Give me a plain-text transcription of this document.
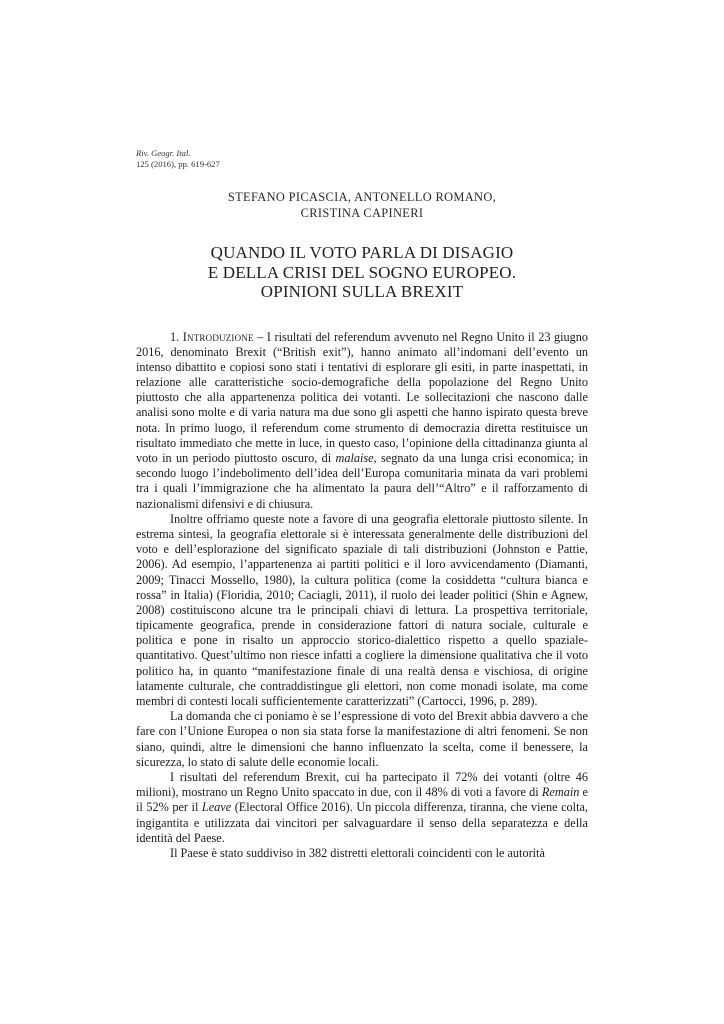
Riv. Geogr. Ital.
125 (2016), pp. 619-627
STEFANO PICASCIA, ANTONELLO ROMANO,
CRISTINA CAPINERI
QUANDO IL VOTO PARLA DI DISAGIO
E DELLA CRISI DEL SOGNO EUROPEO.
OPINIONI SULLA BREXIT

1. Introduzione – I risultati del referendum avvenuto nel Regno Unito il 23 giugno 2016, denominato Brexit (“British exit”), hanno animato all’indomani dell’evento un intenso dibattito e copiosi sono stati i tentativi di esplorare gli esiti, in parte inaspettati, in relazione alle caratteristiche socio-demografiche della popolazione del Regno Unito piuttosto che alla appartenenza politica dei votanti. Le sollecitazioni che nascono dalle analisi sono molte e di varia natura ma due sono gli aspetti che hanno ispirato questa breve nota. In primo luogo, il referendum come strumento di democrazia diretta restituisce un risultato immediato che mette in luce, in questo caso, l’opinione della cittadinanza giunta al voto in un periodo piuttosto oscuro, di malaise, segnato da una lunga crisi economica; in secondo luogo l’indebolimento dell’idea dell’Europa comunitaria minata da vari problemi tra i quali l’immigrazione che ha alimentato la paura dell’“Altro” e il rafforzamento di nazionalismi difensivi e di chiusura.

Inoltre offriamo queste note a favore di una geografia elettorale piuttosto silente. In estrema sintesi, la geografia elettorale si è interessata generalmente delle distribuzioni del voto e dell’esplorazione del significato spaziale di tali distribuzioni (Johnston e Pattie, 2006). Ad esempio, l’appartenenza ai partiti politici e il loro avvicendamento (Diamanti, 2009; Tinacci Mossello, 1980), la cultura politica (come la cosiddetta “cultura bianca e rossa” in Italia) (Floridia, 2010; Caciagli, 2011), il ruolo dei leader politici (Shin e Agnew, 2008) costituiscono alcune tra le principali chiavi di lettura. La prospettiva territoriale, tipicamente geografica, prende in considerazione fattori di natura sociale, culturale e politica e pone in risalto un approccio storico-dialettico rispetto a quello spaziale-quantitativo. Quest’ultimo non riesce infatti a cogliere la dimensione qualitativa che il voto politico ha, in quanto “manifestazione finale di una realtà densa e vischiosa, di origine latamente culturale, che contraddistingue gli elettori, non come monadi isolate, ma come membri di contesti locali sufficientemente caratterizzati” (Cartocci, 1996, p. 289).

La domanda che ci poniamo è se l’espressione di voto del Brexit abbia davvero a che fare con l’Unione Europea o non sia stata forse la manifestazione di altri fenomeni. Se non siano, quindi, altre le dimensioni che hanno influenzato la scelta, come il benessere, la sicurezza, lo stato di salute delle economie locali.

I risultati del referendum Brexit, cui ha partecipato il 72% dei votanti (oltre 46 milioni), mostrano un Regno Unito spaccato in due, con il 48% di voti a favore di Remain e il 52% per il Leave (Electoral Office 2016). Un piccola differenza, tiranna, che viene colta, ingigantita e utilizzata dai vincitori per salvaguardare il senso della separatezza e della identità del Paese.

Il Paese è stato suddiviso in 382 distretti elettorali coincidenti con le autorità
